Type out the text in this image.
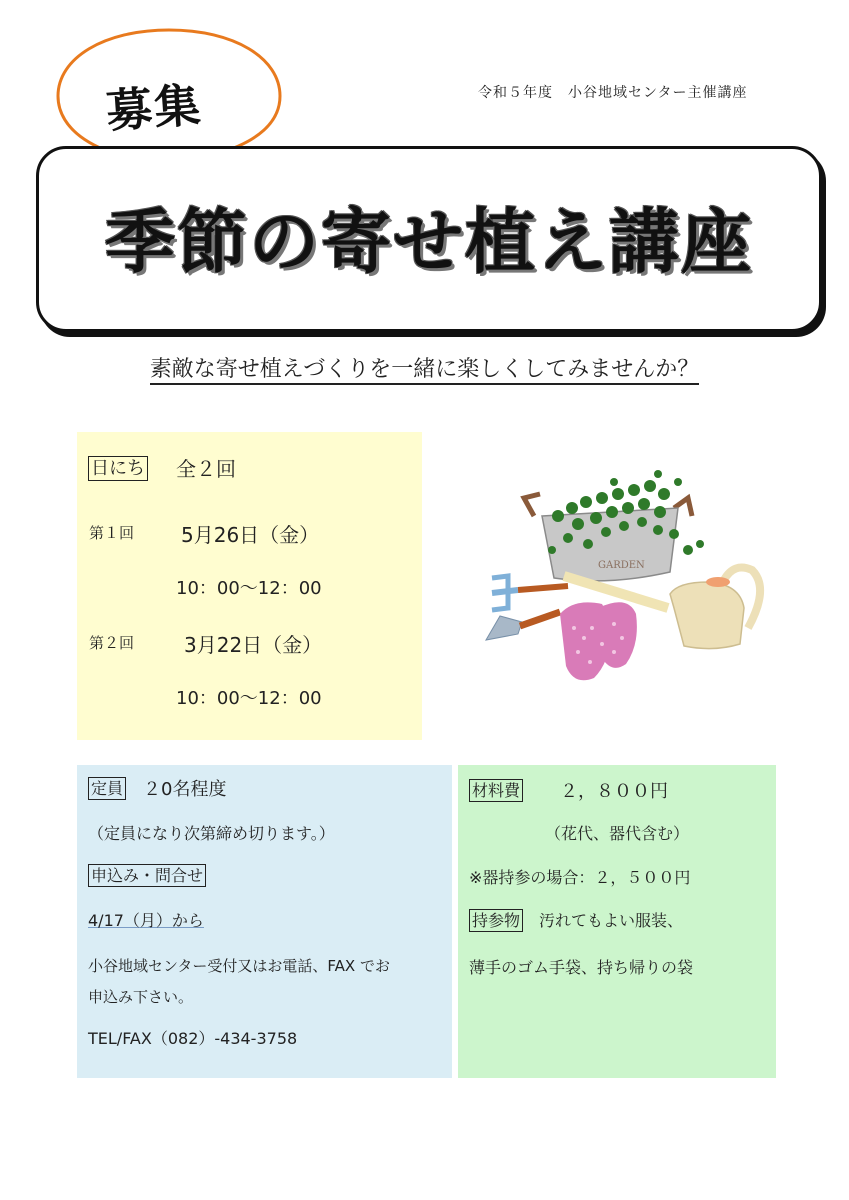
令和５年度　小谷地域センター主催講座
募集
季節の寄せ植え講座
素敵な寄せ植えづくりを一緒に楽しくしてみませんか？
日にち 全２回
第１回 5月26日（金）
10：00～12：00
第２回 3月22日（金）
10：00～12：00
GARDEN
定員 ２0名程度
（定員になり次第締め切ります。）
申込み・問合せ
4/17（月）から
小谷地域センター受付又はお電話、FAX でお
申込み下さい。
TEL/FAX（082）-434-3758
材料費 ２，８００円
（花代、器代含む）
※器持参の場合：２，５００円
持参物 汚れてもよい服装、
薄手のゴム手袋、持ち帰りの袋
